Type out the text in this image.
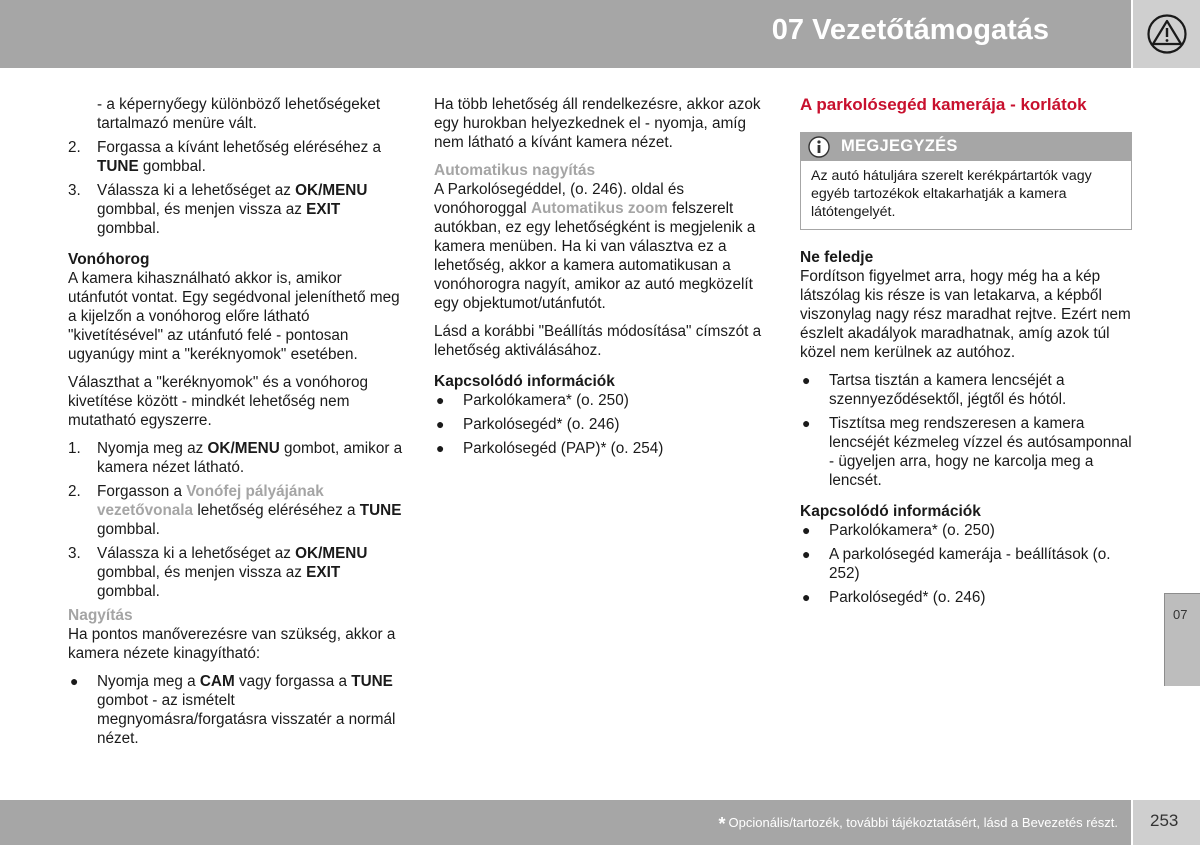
07 Vezetőtámogatás

- a képernyőegy különböző lehetőségeket tartalmazó menüre vált.

2. Forgassa a kívánt lehetőség eléréséhez a TUNE gombbal.
3. Válassza ki a lehetőséget az OK/MENU gombbal, és menjen vissza az EXIT gombbal.
Vonóhorog

A kamera kihasználható akkor is, amikor utánfutót vontat. Egy segédvonal jeleníthető meg a kijelzőn a vonóhorog előre látható "kivetítésével" az utánfutó felé - pontosan ugyanúgy mint a "keréknyomok" esetében.

Választhat a "keréknyomok" és a vonóhorog kivetítése között - mindkét lehetőség nem mutatható egyszerre.

1. Nyomja meg az OK/MENU gombot, amikor a kamera nézet látható.
2. Forgasson a Vonófej pályájának vezetővonala lehetőség eléréséhez a TUNE gombbal.
3. Válassza ki a lehetőséget az OK/MENU gombbal, és menjen vissza az EXIT gombbal.
Nagyítás

Ha pontos manőverezésre van szükség, akkor a kamera nézete kinagyítható:

● Nyomja meg a CAM vagy forgassa a TUNE gombot - az ismételt megnyomásra/forgatásra visszatér a normál nézet.

Ha több lehetőség áll rendelkezésre, akkor azok egy hurokban helyezkednek el - nyomja, amíg nem látható a kívánt kamera nézet.

Automatikus nagyítás

A Parkolósegéddel, (o. 246). oldal és vonóhoroggal Automatikus zoom felszerelt autókban, ez egy lehetőségként is megjelenik a kamera menüben. Ha ki van választva ez a lehetőség, akkor a kamera automatikusan a vonóhorogra nagyít, amikor az autó megközelít egy objektumot/utánfutót.

Lásd a korábbi "Beállítás módosítása" címszót a lehetőség aktiválásához.

Kapcsolódó információk
● Parkolókamera* (o. 250)
● Parkolósegéd* (o. 246)
● Parkolósegéd (PAP)* (o. 254)
A parkolósegéd kamerája - korlátok
MEGJEGYZÉS
Az autó hátuljára szerelt kerékpártartók vagy egyéb tartozékok eltakarhatják a kamera látótengelyét.
Ne feledje

Fordítson figyelmet arra, hogy még ha a kép látszólag kis része is van letakarva, a képből viszonylag nagy rész maradhat rejtve. Ezért nem észlelt akadályok maradhatnak, amíg azok túl közel nem kerülnek az autóhoz.

● Tartsa tisztán a kamera lencséjét a szennyeződésektől, jégtől és hótól.
● Tisztítsa meg rendszeresen a kamera lencséjét kézmeleg vízzel és autósamponnal - ügyeljen arra, hogy ne karcolja meg a lencsét.
Kapcsolódó információk
● Parkolókamera* (o. 250)
● A parkolósegéd kamerája - beállítások (o. 252)
● Parkolósegéd* (o. 246)
07
* Opcionális/tartozék, további tájékoztatásért, lásd a Bevezetés részt. 253
